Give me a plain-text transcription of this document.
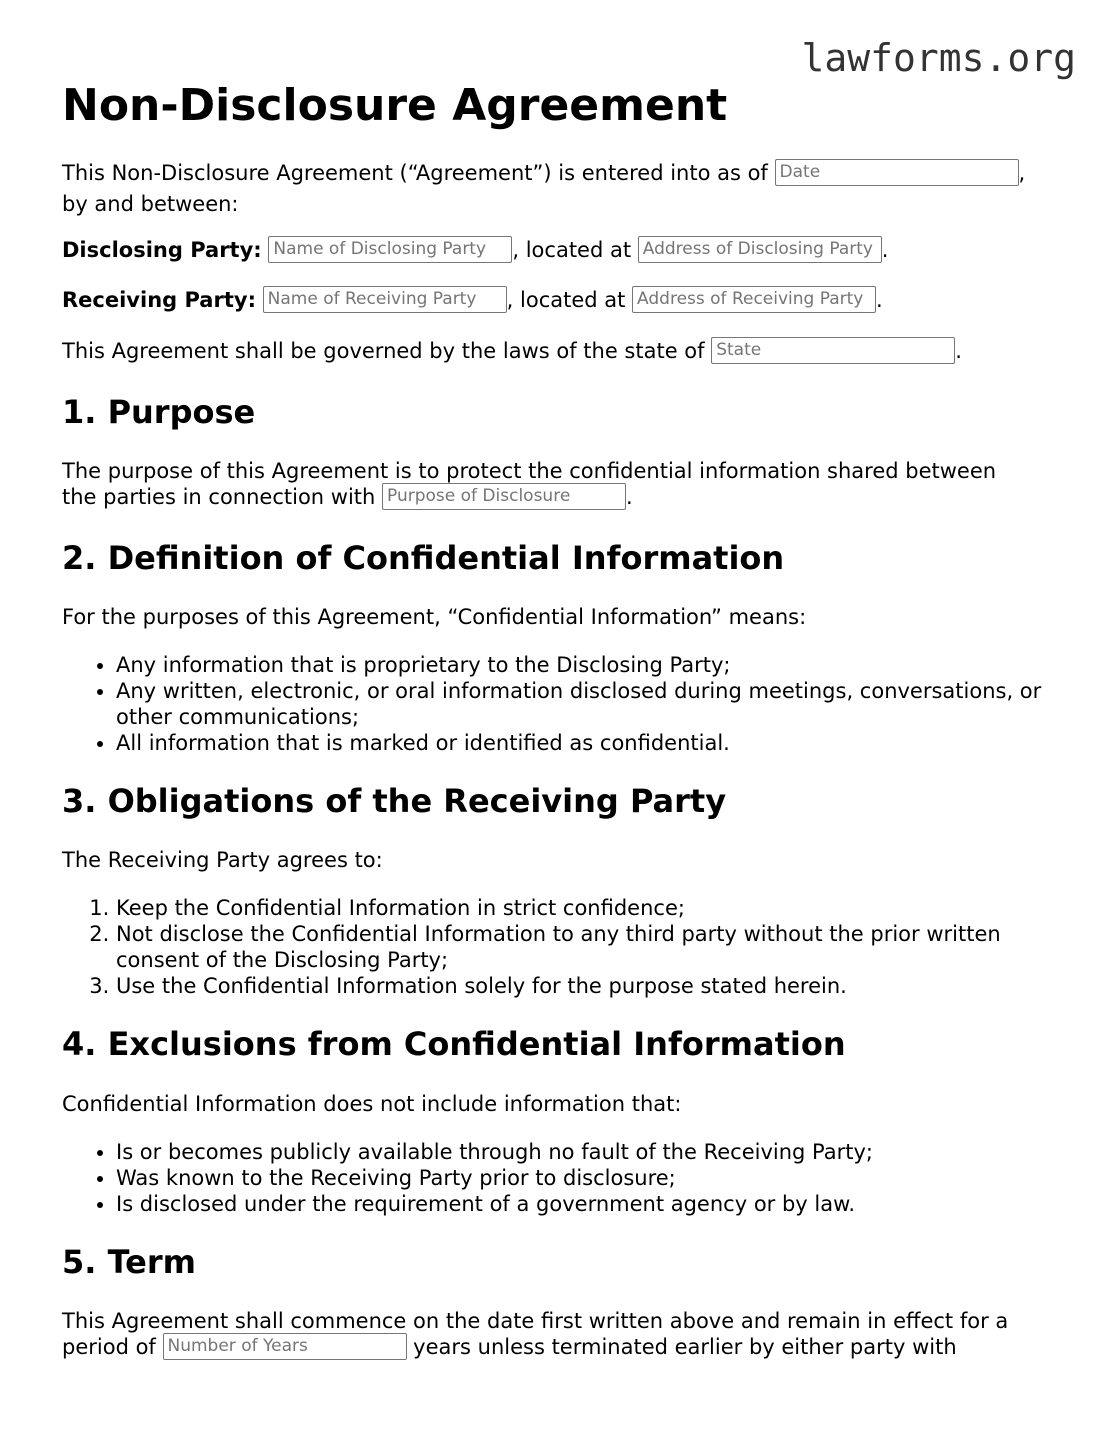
lawforms.org
Non-Disclosure Agreement

This Non-Disclosure Agreement (“Agreement”) is entered into as of Date	,

by and between:

Disclosing Party: Name of Disclosing Party	, located at Address of Disclosing Party	.

Receiving Party: Name of Receiving Party	, located at Address of Receiving Party	.

This Agreement shall be governed by the laws of the state of State	.

1. Purpose

The purpose of this Agreement is to protect the confidential information shared between

the parties in connection with Purpose of Disclosure	.

2. Definition of Confidential Information

For the purposes of this Agreement, “Confidential Information” means:

• Any information that is proprietary to the Disclosing Party;
• Any written, electronic, or oral information disclosed during meetings, conversations, or other communications;
• All information that is marked or identified as confidential.
3. Obligations of the Receiving Party

The Receiving Party agrees to:

1. Keep the Confidential Information in strict confidence;
2. Not disclose the Confidential Information to any third party without the prior written consent of the Disclosing Party;
3. Use the Confidential Information solely for the purpose stated herein.
4. Exclusions from Confidential Information

Confidential Information does not include information that:

• Is or becomes publicly available through no fault of the Receiving Party;
• Was known to the Receiving Party prior to disclosure;
• Is disclosed under the requirement of a government agency or by law.
5. Term

This Agreement shall commence on the date first written above and remain in effect for a

period of Number of Years	years unless terminated earlier by either party with
